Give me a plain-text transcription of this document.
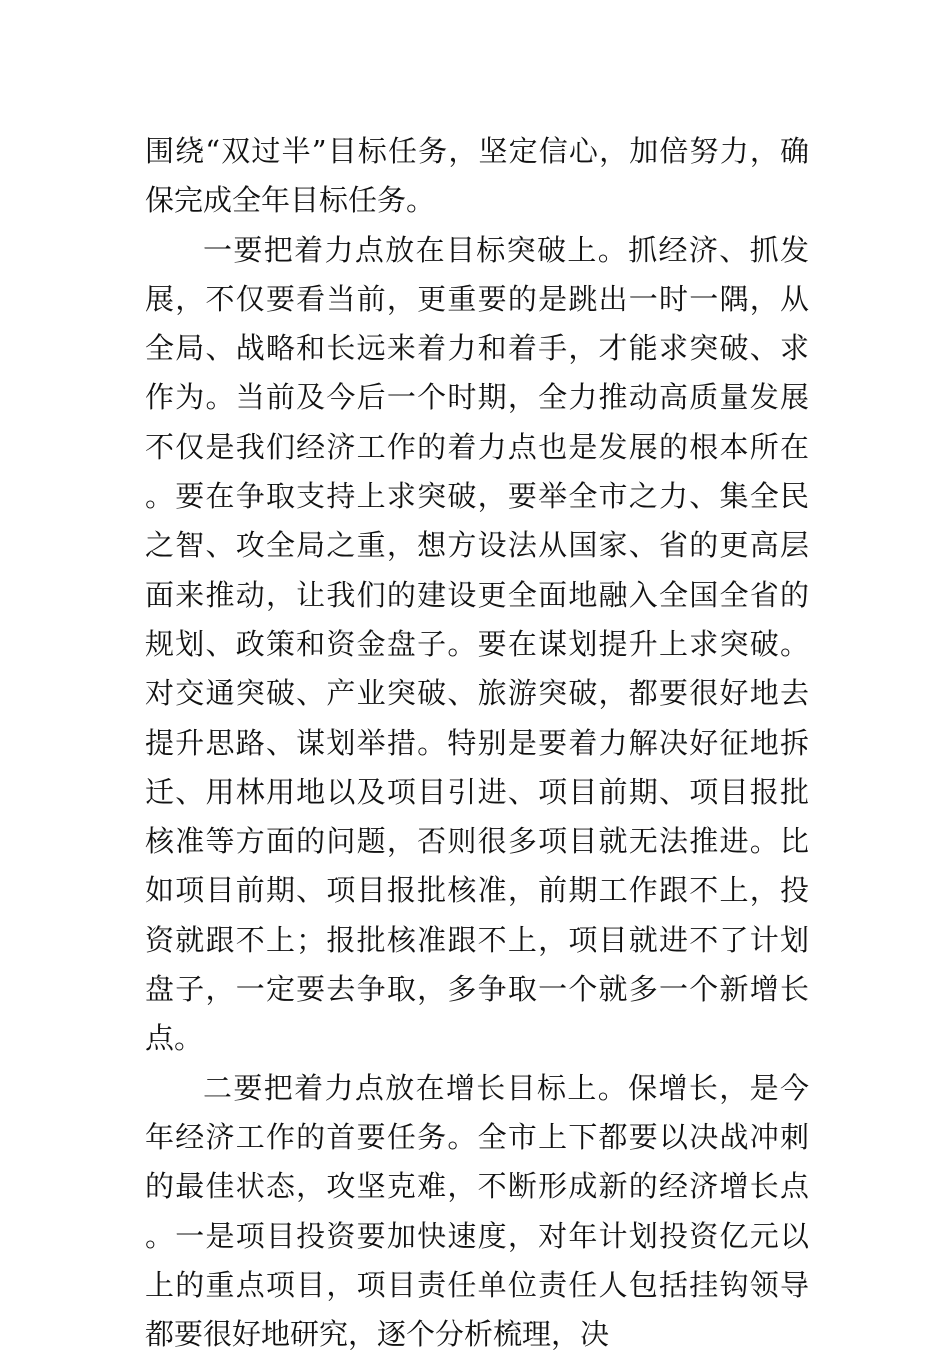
围绕“双过半”目标任务，坚定信心，加倍努力，确保完成全年目标任务。

一要把着力点放在目标突破上。抓经济、抓发展，不仅要看当前，更重要的是跳出一时一隅，从全局、战略和长远来着力和着手，才能求突破、求作为。当前及今后一个时期，全力推动高质量发展不仅是我们经济工作的着力点也是发展的根本所在。要在争取支持上求突破，要举全市之力、集全民之智、攻全局之重，想方设法从国家、省的更高层面来推动，让我们的建设更全面地融入全国全省的规划、政策和资金盘子。要在谋划提升上求突破。对交通突破、产业突破、旅游突破，都要很好地去提升思路、谋划举措。特别是要着力解决好征地拆迁、用林用地以及项目引进、项目前期、项目报批核准等方面的问题，否则很多项目就无法推进。比如项目前期、项目报批核准，前期工作跟不上，投资就跟不上；报批核准跟不上，项目就进不了计划盘子，一定要去争取，多争取一个就多一个新增长点。

二要把着力点放在增长目标上。保增长，是今年经济工作的首要任务。全市上下都要以决战冲刺的最佳状态，攻坚克难，不断形成新的经济增长点。一是项目投资要加快速度，对年计划投资亿元以上的重点项目，项目责任单位责任人包括挂钩领导都要很好地研究，逐个分析梳理，决
